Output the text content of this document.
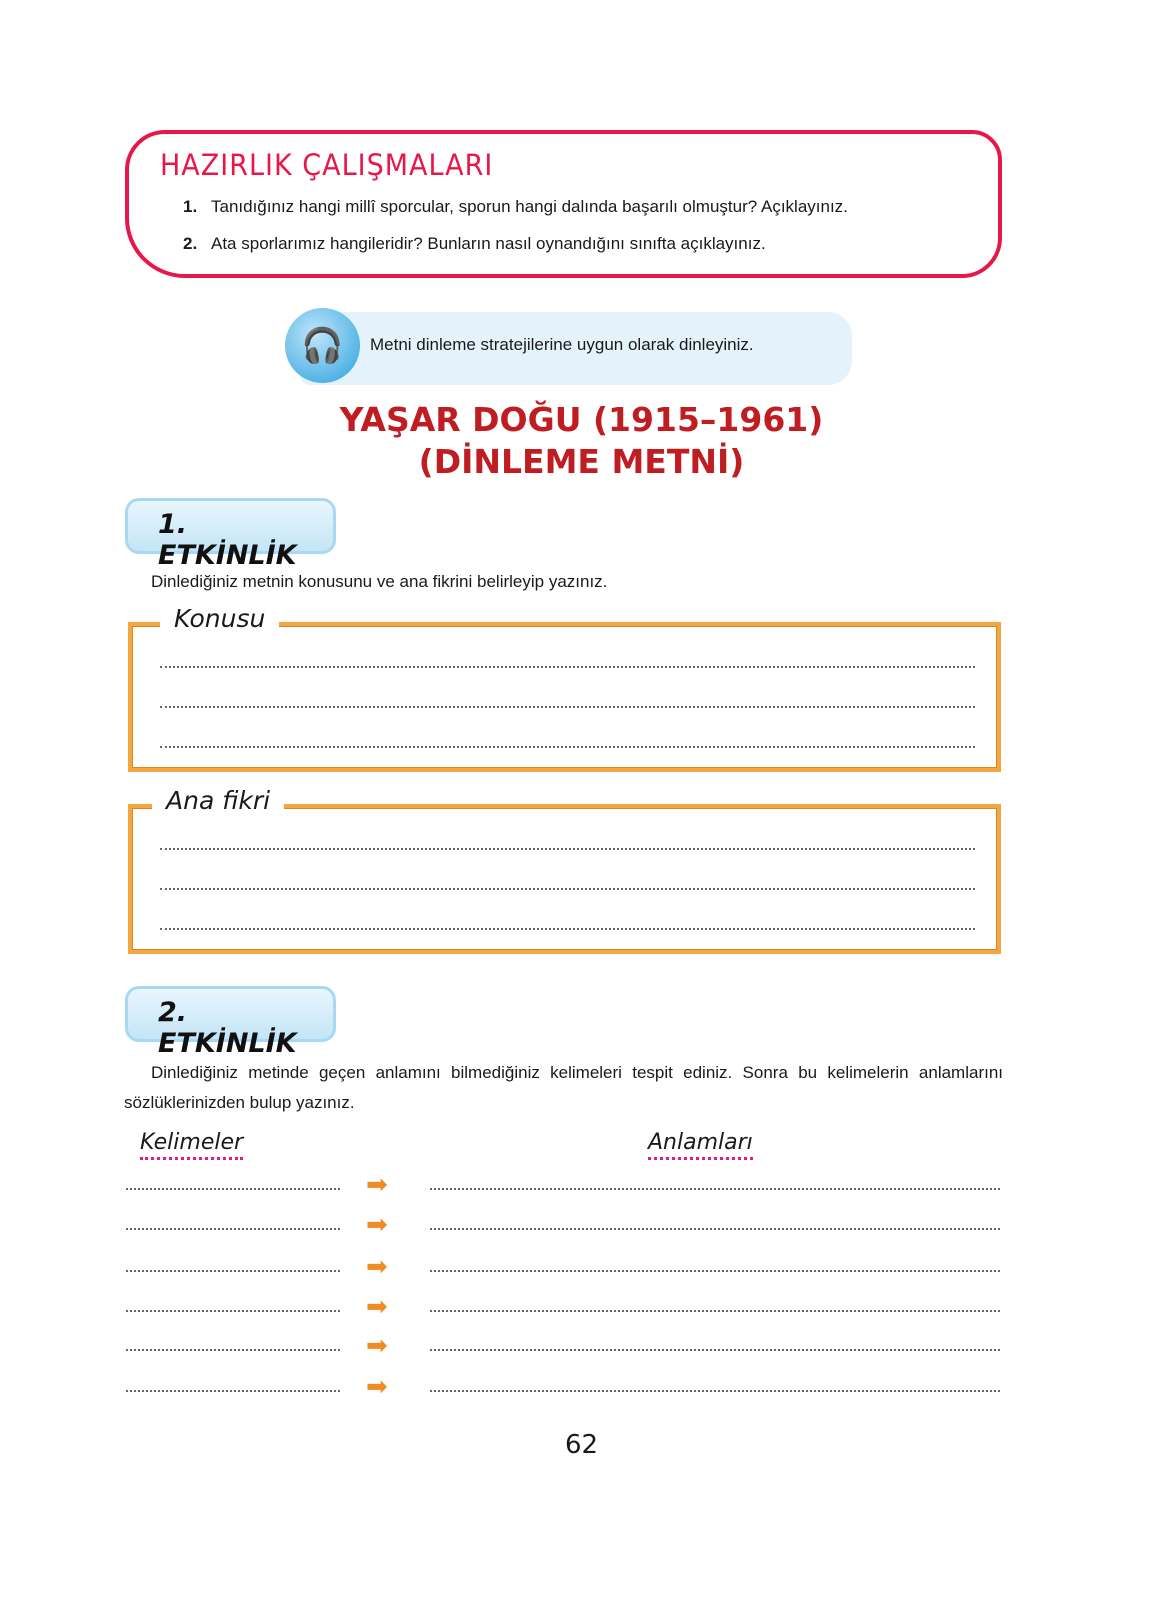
HAZIRLIK ÇALIŞMALARI
1. Tanıdığınız hangi millî sporcular, sporun hangi dalında başarılı olmuştur? Açıklayınız.
2. Ata sporlarımız hangileridir? Bunların nasıl oynandığını sınıfta açıklayınız.
🎧	Metni dinleme stratejilerine uygun olarak dinleyiniz.
YAŞAR DOĞU (1915–1961)
(DİNLEME METNİ)
1. ETKİNLİK
Dinlediğiniz metnin konusunu ve ana fikrini belirleyip yazınız.
Konusu
Ana fikri
2. ETKİNLİK
Dinlediğiniz metinde geçen anlamını bilmediğiniz kelimeleri tespit ediniz. Sonra bu kelimelerin anlamlarını sözlüklerinizden bulup yazınız.
Kelimeler	Anlamları
➡
➡
➡
➡
➡
➡
62
